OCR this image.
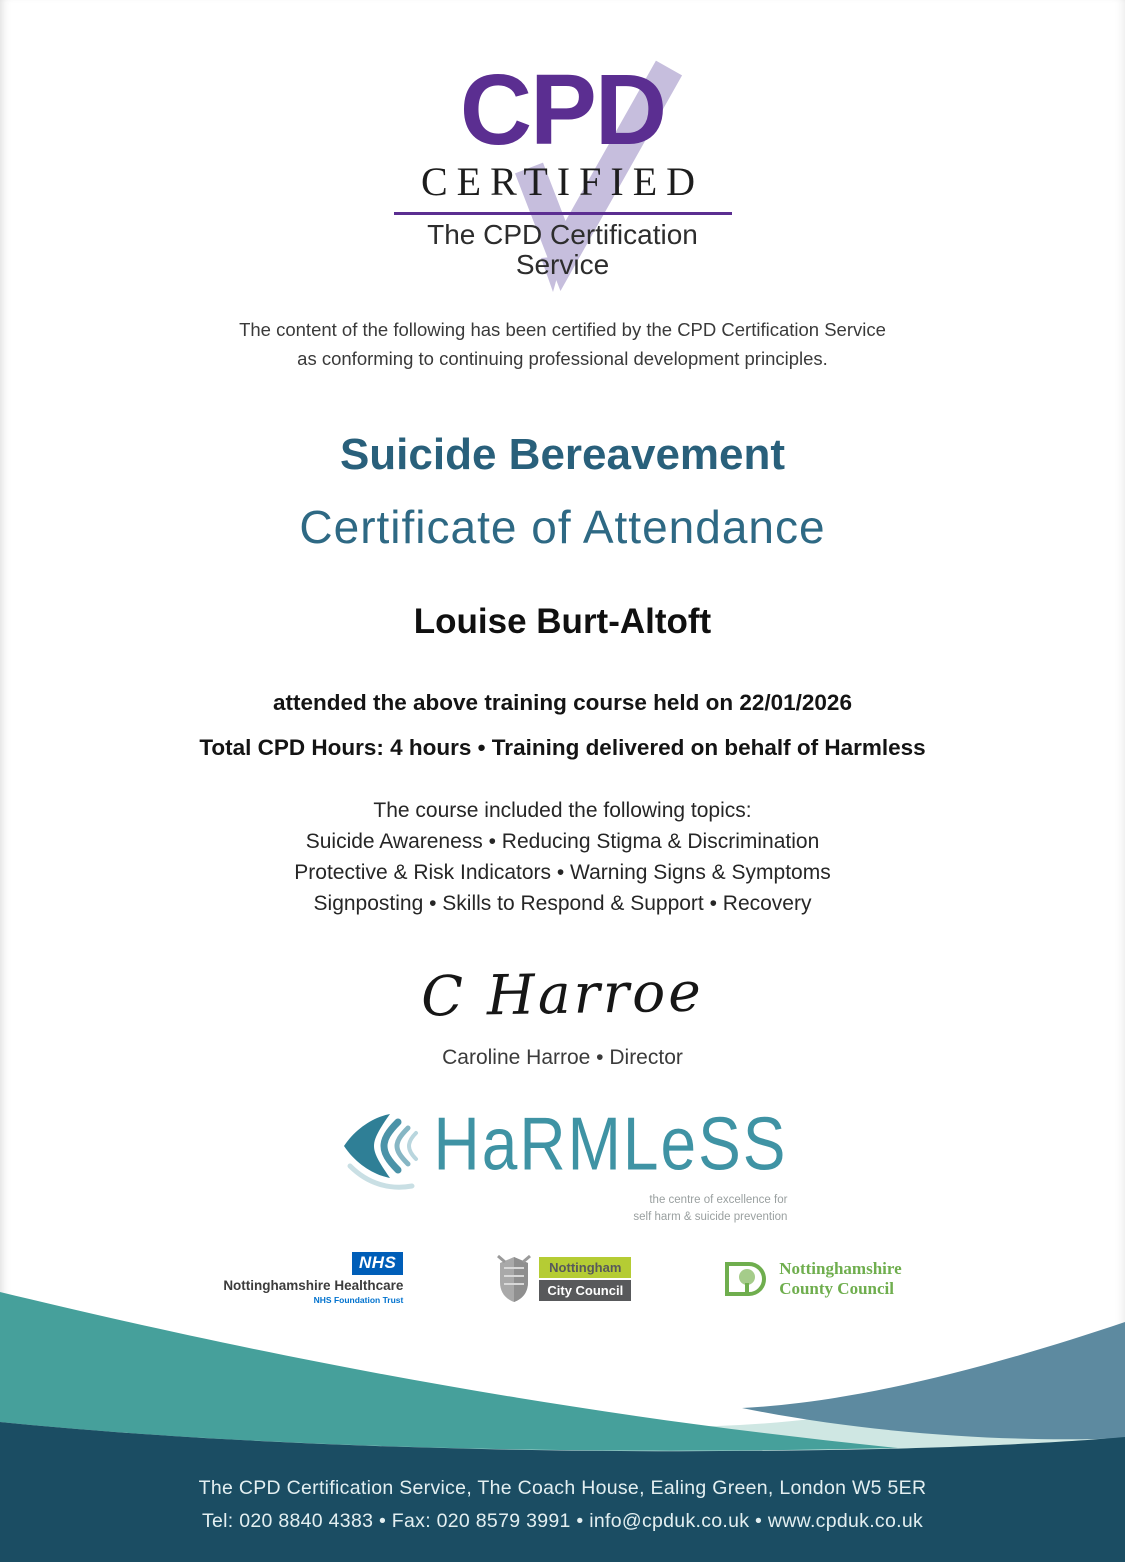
CPD
CERTIFIED
The CPD Certification
Service
The content of the following has been certified by the CPD Certification Service
as conforming to continuing professional development principles.
Suicide Bereavement
Certificate of Attendance
Louise Burt-Altoft
attended the above training course held on 22/01/2026
Total CPD Hours: 4 hours • Training delivered on behalf of Harmless
The course included the following topics:
Suicide Awareness • Reducing Stigma & Discrimination
Protective & Risk Indicators • Warning Signs & Symptoms
Signposting • Skills to Respond & Support • Recovery
C Harroe
Caroline Harroe • Director
HaRMLeSS
the centre of excellence for
self harm & suicide prevention
NHS
Nottinghamshire Healthcare
NHS Foundation Trust
Nottingham
City Council
Nottinghamshire
County Council
The CPD Certification Service, The Coach House, Ealing Green, London W5 5ER
Tel: 020 8840 4383 • Fax: 020 8579 3991 • info@cpduk.co.uk • www.cpduk.co.uk
